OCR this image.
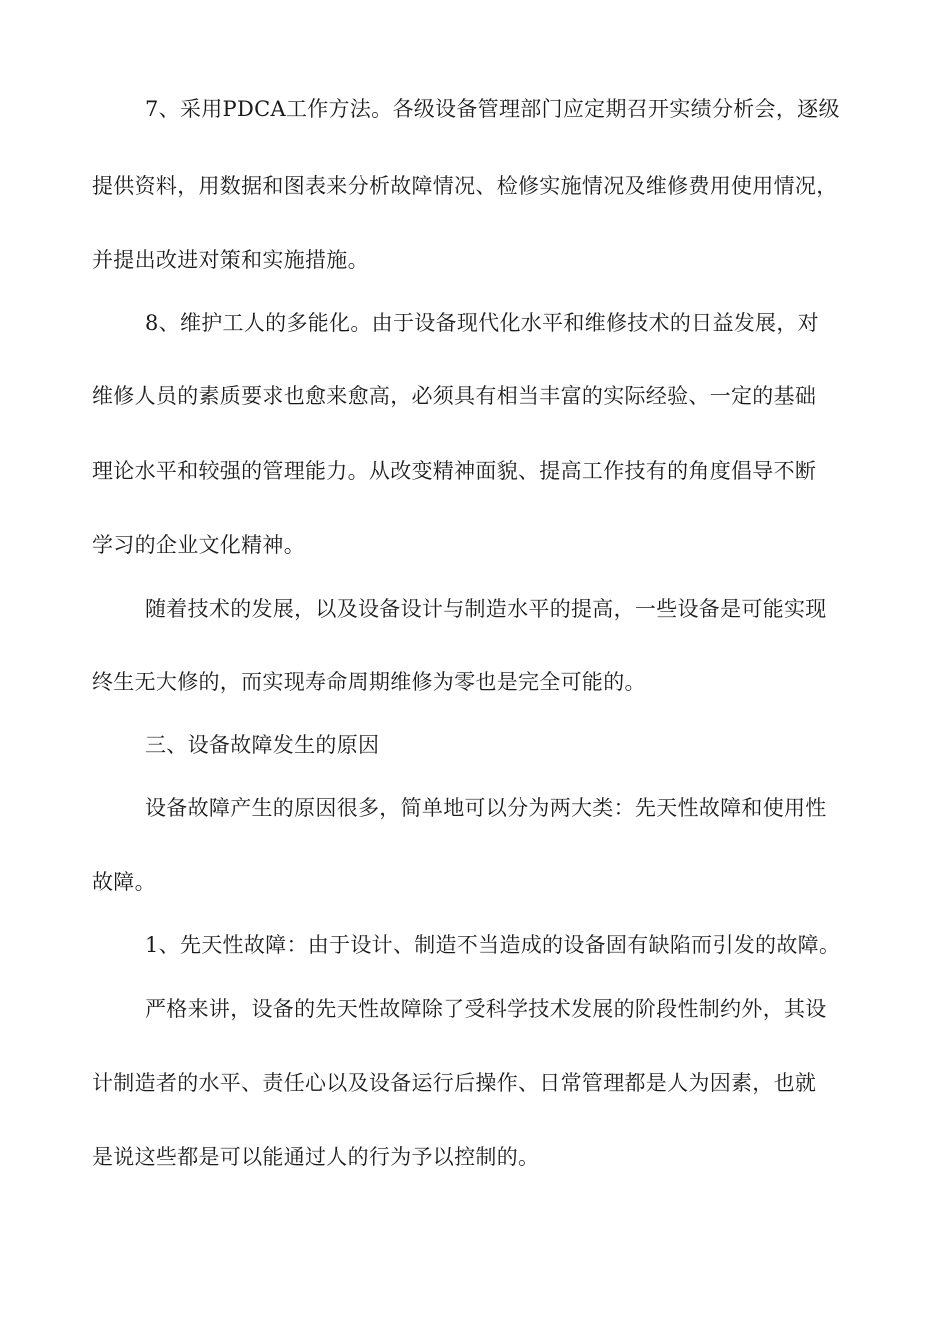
7、采用PDCA工作方法。各级设备管理部门应定期召开实绩分析会，逐级
提供资料，用数据和图表来分析故障情况、检修实施情况及维修费用使用情况，
并提出改进对策和实施措施。
8、维护工人的多能化。由于设备现代化水平和维修技术的日益发展，对
维修人员的素质要求也愈来愈高，必须具有相当丰富的实际经验、一定的基础
理论水平和较强的管理能力。从改变精神面貌、提高工作技有的角度倡导不断
学习的企业文化精神。
随着技术的发展，以及设备设计与制造水平的提高，一些设备是可能实现
终生无大修的，而实现寿命周期维修为零也是完全可能的。
三、设备故障发生的原因
设备故障产生的原因很多，简单地可以分为两大类：先天性故障和使用性
故障。
1、先天性故障：由于设计、制造不当造成的设备固有缺陷而引发的故障。
严格来讲，设备的先天性故障除了受科学技术发展的阶段性制约外，其设
计制造者的水平、责任心以及设备运行后操作、日常管理都是人为因素，也就
是说这些都是可以能通过人的行为予以控制的。
